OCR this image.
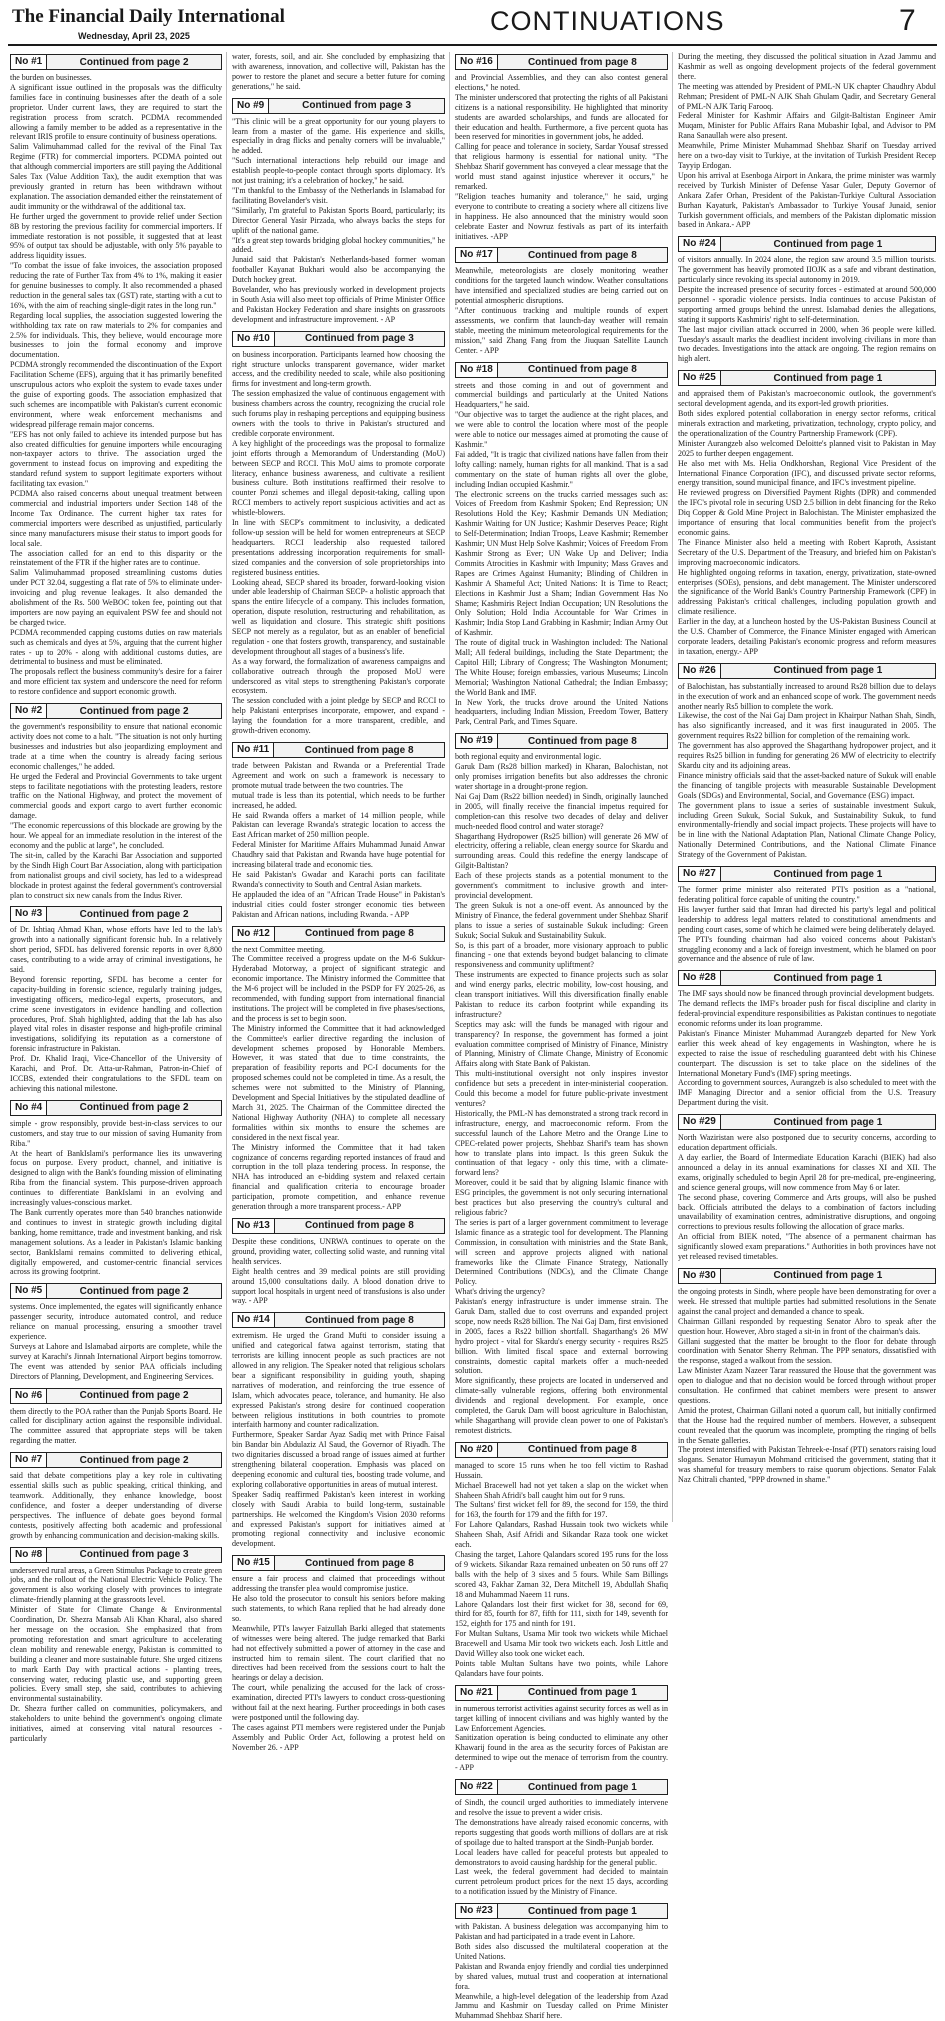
The Financial Daily International
Wednesday, April 23, 2025	CONTINUATIONS	7
No #1	Continued from page 2

the burden on businesses.

A significant issue outlined in the proposals was the difficulty families face in continuing businesses after the death of a sole proprietor. Under current laws, they are required to start the registration process from scratch. PCDMA recommended allowing a family member to be added as a representative in the relevant IRIS profile to ensure continuity of business operations.

Salim Valimuhammad called for the revival of the Final Tax Regime (FTR) for commercial importers. PCDMA pointed out that although commercial importers are still paying the Additional Sales Tax (Value Addition Tax), the audit exemption that was previously granted in return has been withdrawn without explanation. The association demanded either the reinstatement of audit immunity or the withdrawal of the additional tax.

He further urged the government to provide relief under Section 8B by restoring the previous facility for commercial importers. If immediate restoration is not possible, it suggested that at least 95% of output tax should be adjustable, with only 5% payable to address liquidity issues.

"To combat the issue of fake invoices, the association proposed reducing the rate of Further Tax from 4% to 1%, making it easier for genuine businesses to comply. It also recommended a phased reduction in the general sales tax (GST) rate, starting with a cut to 16%, with the aim of reaching single-digit rates in the long run."

Regarding local supplies, the association suggested lowering the withholding tax rate on raw materials to 2% for companies and 2.5% for individuals. This, they believe, would encourage more businesses to join the formal economy and improve documentation.

PCDMA strongly recommended the discontinuation of the Export Facilitation Scheme (EFS), arguing that it has primarily benefited unscrupulous actors who exploit the system to evade taxes under the guise of exporting goods. The association emphasized that such schemes are incompatible with Pakistan's current economic environment, where weak enforcement mechanisms and widespread pilferage remain major concerns.

"EFS has not only failed to achieve its intended purpose but has also created difficulties for genuine importers while encouraging non-taxpayer actors to thrive. The association urged the government to instead focus on improving and expediting the standard refund system to support legitimate exporters without facilitating tax evasion."

PCDMA also raised concerns about unequal treatment between commercial and industrial importers under Section 148 of the Income Tax Ordinance. The current higher tax rates for commercial importers were described as unjustified, particularly since many manufacturers misuse their status to import goods for local sale.

The association called for an end to this disparity or the reinstatement of the FTR if the higher rates are to continue.

Salim Valimuhammad proposed streamlining customs duties under PCT 32.04, suggesting a flat rate of 5% to eliminate under-invoicing and plug revenue leakages. It also demanded the abolishment of the Rs. 500 WeBOC token fee, pointing out that importers are now paying an equivalent PSW fee and should not be charged twice.

PCDMA recommended capping customs duties on raw materials such as chemicals and dyes at 5%, arguing that the current higher rates - up to 20% - along with additional customs duties, are detrimental to business and must be eliminated.

The proposals reflect the business community's desire for a fairer and more efficient tax system and underscore the need for reform to restore confidence and support economic growth.

No #2	Continued from page 2

the government's responsibility to ensure that national economic activity does not come to a halt. "The situation is not only hurting businesses and industries but also jeopardizing employment and trade at a time when the country is already facing serious economic challenges," he added.

He urged the Federal and Provincial Governments to take urgent steps to facilitate negotiations with the protesting leaders, restore traffic on the National Highway, and protect the movement of commercial goods and export cargo to avert further economic damage.

"The economic repercussions of this blockade are growing by the hour. We appeal for an immediate resolution in the interest of the economy and the public at large", he concluded.

The sit-in, called by the Karachi Bar Association and supported by the Sindh High Court Bar Association, along with participation from nationalist groups and civil society, has led to a widespread blockade in protest against the federal government's controversial plan to construct six new canals from the Indus River.

No #3	Continued from page 2

of Dr. Ishtiaq Ahmad Khan, whose efforts have led to the lab's growth into a nationally significant forensic hub. In a relatively short period, SFDL has delivered forensic reports in over 8,800 cases, contributing to a wide array of criminal investigations, he said.

Beyond forensic reporting, SFDL has become a center for capacity-building in forensic science, regularly training judges, investigating officers, medico-legal experts, prosecutors, and crime scene investigators in evidence handling and collection procedures, Prof. Shah highlighted, adding that the lab has also played vital roles in disaster response and high-profile criminal investigations, solidifying its reputation as a cornerstone of forensic infrastructure in Pakistan.

Prof. Dr. Khalid Iraqi, Vice-Chancellor of the University of Karachi, and Prof. Dr. Atta-ur-Rahman, Patron-in-Chief of ICCBS, extended their congratulations to the SFDL team on achieving this national milestone.

No #4	Continued from page 2

simple - grow responsibly, provide best-in-class services to our customers, and stay true to our mission of saving Humanity from Riba."

At the heart of BankIslami's performance lies its unwavering focus on purpose. Every product, channel, and initiative is designed to align with the Bank's founding mission of eliminating Riba from the financial system. This purpose-driven approach continues to differentiate BankIslami in an evolving and increasingly values-conscious market.

The Bank currently operates more than 540 branches nationwide and continues to invest in strategic growth including digital banking, home remittance, trade and investment banking, and risk management solutions. As a leader in Pakistan's Islamic banking sector, BankIslami remains committed to delivering ethical, digitally empowered, and customer-centric financial services across its growing footprint.

No #5	Continued from page 2

systems. Once implemented, the egates will significantly enhance passenger security, introduce automated control, and reduce reliance on manual processing, ensuring a smoother travel experience.

Surveys at Lahore and Islamabad airports are complete, while the survey at Karachi's Jinnah International Airport begins tomorrow. The event was attended by senior PAA officials including Directors of Planning, Development, and Engineering Services.

No #6	Continued from page 2

them directly to the POA rather than the Punjab Sports Board. He called for disciplinary action against the responsible individual. The committee assured that appropriate steps will be taken regarding the matter.

No #7	Continued from page 2

said that debate competitions play a key role in cultivating essential skills such as public speaking, critical thinking, and teamwork. Additionally, they enhance knowledge, boost confidence, and foster a deeper understanding of diverse perspectives. The influence of debate goes beyond formal contests, positively affecting both academic and professional growth by enhancing communication and decision-making skills.

No #8	Continued from page 3

underserved rural areas, a Green Stimulus Package to create green jobs, and the rollout of the National Electric Vehicle Policy. The government is also working closely with provinces to integrate climate-friendly planning at the grassroots level.

Minister of State for Climate Change & Environmental Coordination, Dr. Shezra Mansab Ali Khan Kharal, also shared her message on the occasion. She emphasized that from promoting reforestation and smart agriculture to accelerating clean mobility and renewable energy, Pakistan is committed to building a cleaner and more sustainable future. She urged citizens to mark Earth Day with practical actions - planting trees, conserving water, reducing plastic use, and supporting green policies. Every small step, she said, contributes to achieving environmental sustainability.

Dr. Shezra further called on communities, policymakers, and stakeholders to unite behind the government's ongoing climate initiatives, aimed at conserving vital natural resources - particularly

water, forests, soil, and air. She concluded by emphasizing that with awareness, innovation, and collective will, Pakistan has the power to restore the planet and secure a better future for coming generations," he said.

No #9	Continued from page 3

"This clinic will be a great opportunity for our young players to learn from a master of the game. His experience and skills, especially in drag flicks and penalty corners will be invaluable," he added.

"Such international interactions help rebuild our image and establish people-to-people contact through sports diplomacy. It's not just training; it's a celebration of hockey," he said.

"I'm thankful to the Embassy of the Netherlands in Islamabad for facilitating Bovelander's visit.

"Similarly, I'm grateful to Pakistan Sports Board, particularly; its Director General Yasir Pirzada, who always backs the steps for uplift of the national game.

"It's a great step towards bridging global hockey communities," he added.

Junaid said that Pakistan's Netherlands-based former woman footballer Kayanat Bukhari would also be accompanying the Dutch hockey great.

Bovelander, who has previously worked in development projects in South Asia will also meet top officials of Prime Minister Office and Pakistan Hockey Federation and share insights on grassroots development and infrastructure improvement. - AP

No #10	Continued from page 3

on business incorporation. Participants learned how choosing the right structure unlocks transparent governance, wider market access, and the credibility needed to scale, while also positioning firms for investment and long-term growth.

The session emphasized the value of continuous engagement with business chambers across the country, recognizing the crucial role such forums play in reshaping perceptions and equipping business owners with the tools to thrive in Pakistan's structured and credible corporate environment.

A key highlight of the proceedings was the proposal to formalize joint efforts through a Memorandum of Understanding (MoU) between SECP and RCCI. This MoU aims to promote corporate literacy, enhance business awareness, and cultivate a resilient business culture. Both institutions reaffirmed their resolve to counter Ponzi schemes and illegal deposit-taking, calling upon RCCI members to actively report suspicious activities and act as whistle-blowers.

In line with SECP's commitment to inclusivity, a dedicated follow-up session will be held for women entrepreneurs at SECP headquarters. RCCI leadership also requested tailored presentations addressing incorporation requirements for small-sized companies and the conversion of sole proprietorships into registered business entities.

Looking ahead, SECP shared its broader, forward-looking vision under able leadership of Chairman SECP- a holistic approach that spans the entire lifecycle of a company. This includes formation, operation, dispute resolution, restructuring and rehabilitation, as well as liquidation and closure. This strategic shift positions SECP not merely as a regulator, but as an enabler of beneficial regulation - one that fosters growth, transparency, and sustainable development throughout all stages of a business's life.

As a way forward, the formalization of awareness campaigns and collaborative outreach through the proposed MoU were underscored as vital steps to strengthening Pakistan's corporate ecosystem.

The session concluded with a joint pledge by SECP and RCCI to help Pakistani enterprises incorporate, empower, and expand - laying the foundation for a more transparent, credible, and growth-driven economy.

No #11	Continued from page 8

trade between Pakistan and Rwanda or a Preferential Trade Agreement and work on such a framework is necessary to promote mutual trade between the two countries. The

mutual trade is less than its potential, which needs to be further increased, he added.

He said Rwanda offers a market of 14 million people, while Pakistan can leverage Rwanda's strategic location to access the East African market of 250 million people.

Federal Minister for Maritime Affairs Muhammad Junaid Anwar Chaudhry said that Pakistan and Rwanda have huge potential for increasing bilateral trade and economic ties.

He said Pakistan's Gwadar and Karachi ports can facilitate Rwanda's connectivity to South and Central Asian markets.

He applauded the idea of an "African Trade House" in Pakistan's industrial cities could foster stronger economic ties between Pakistan and African nations, including Rwanda. - APP

No #12	Continued from page 8

the next Committee meeting.

The Committee received a progress update on the M-6 Sukkur-Hyderabad Motorway, a project of significant strategic and economic importance. The Ministry informed the Committee that the M-6 project will be included in the PSDP for FY 2025-26, as recommended, with funding support from international financial institutions. The project will be completed in five phases/sections, and the process is set to begin soon.

The Ministry informed the Committee that it had acknowledged the Committee's earlier directive regarding the inclusion of development schemes proposed by Honorable Members. However, it was stated that due to time constraints, the preparation of feasibility reports and PC-I documents for the proposed schemes could not be completed in time. As a result, the schemes were not submitted to the Ministry of Planning, Development and Special Initiatives by the stipulated deadline of March 31, 2025. The Chairman of the Committee directed the National Highway Authority (NHA) to complete all necessary formalities within six months to ensure the schemes are considered in the next fiscal year.

The Ministry informed the Committee that it had taken cognizance of concerns regarding reported instances of fraud and corruption in the toll plaza tendering process. In response, the NHA has introduced an e-bidding system and relaxed certain financial and qualification criteria to encourage broader participation, promote competition, and enhance revenue generation through a more transparent process.- APP

No #13	Continued from page 8

Despite these conditions, UNRWA continues to operate on the ground, providing water, collecting solid waste, and running vital health services.

Eight health centres and 39 medical points are still providing around 15,000 consultations daily. A blood donation drive to support local hospitals in urgent need of transfusions is also under way. - APP

No #14	Continued from page 8

extremism. He urged the Grand Mufti to consider issuing a unified and categorical fatwa against terrorism, stating that terrorists are killing innocent people as such practices are not allowed in any religion. The Speaker noted that religious scholars bear a significant responsibility in guiding youth, shaping narratives of moderation, and reinforcing the true essence of Islam, which advocates peace, tolerance, and humanity. He also expressed Pakistan's strong desire for continued cooperation between religious institutions in both countries to promote interfaith harmony and counter radicalization.

Furthermore, Speaker Sardar Ayaz Sadiq met with Prince Faisal bin Bandar bin Abdulaziz Al Saud, the Governor of Riyadh. The two dignitaries discussed a broad range of issues aimed at further strengthening bilateral cooperation. Emphasis was placed on deepening economic and cultural ties, boosting trade volume, and exploring collaborative opportunities in areas of mutual interest.

Speaker Sadiq reaffirmed Pakistan's keen interest in working closely with Saudi Arabia to build long-term, sustainable partnerships. He welcomed the Kingdom's Vision 2030 reforms and expressed Pakistan's support for initiatives aimed at promoting regional connectivity and inclusive economic development.

No #15	Continued from page 8

ensure a fair process and claimed that proceedings without addressing the transfer plea would compromise justice.

He also told the prosecutor to consult his seniors before making such statements, to which Rana replied that he had already done so.

Meanwhile, PTI's lawyer Faizullah Barki alleged that statements of witnesses were being altered. The judge remarked that Barki had not effectively submitted a power of attorney in the case and instructed him to remain silent. The court clarified that no directives had been received from the sessions court to halt the hearings or delay a decision.

The court, while penalizing the accused for the lack of cross-examination, directed PTI's lawyers to conduct cross-questioning without fail at the next hearing. Further proceedings in both cases were postponed until the following day.

The cases against PTI members were registered under the Punjab Assembly and Public Order Act, following a protest held on November 26. - APP

No #16	Continued from page 8

and Provincial Assemblies, and they can also contest general elections," he noted.

The minister underscored that protecting the rights of all Pakistani citizens is a national responsibility. He highlighted that minority students are awarded scholarships, and funds are allocated for their education and health. Furthermore, a five percent quota has been reserved for minorities in government jobs, he added.

Calling for peace and tolerance in society, Sardar Yousaf stressed that religious harmony is essential for national unity. "The Shehbaz Sharif government has conveyed a clear message that the world must stand against injustice wherever it occurs," he remarked.

"Religion teaches humanity and tolerance," he said, urging everyone to contribute to creating a society where all citizens live in happiness. He also announced that the ministry would soon celebrate Easter and Nowruz festivals as part of its interfaith initiatives. -APP

No #17	Continued from page 8

Meanwhile, meteorologists are closely monitoring weather conditions for the targeted launch window. Weather consultations have intensified and specialized studies are being carried out on potential atmospheric disruptions.

"After continuous tracking and multiple rounds of expert assessments, we confirm that launch-day weather will remain stable, meeting the minimum meteorological requirements for the mission," said Zhang Fang from the Jiuquan Satellite Launch Center. - APP

No #18	Continued from page 8

streets and those coming in and out of government and commercial buildings and particularly at the United Nations Headquarters," he said.

"Our objective was to target the audience at the right places, and we were able to control the location where most of the people were able to notice our messages aimed at promoting the cause of Kashmir."

Fai added, "It is tragic that civilized nations have fallen from their lofty calling: namely, human rights for all mankind. That is a sad commentary on the state of human rights all over the globe, including Indian occupied Kashmir."

The electronic screens on the trucks carried messages such as: Voices of Freedom from Kashmir Spoken; End Repression; UN Resolutions Hold the Key; Kashmir Demands UN Mediation; Kashmir Waiting for UN Justice; Kashmir Deserves Peace; Right to Self-Determination; Indian Troops, Leave Kashmir; Remember Kashmir; UN Must Help Solve Kashmir; Voices of Freedom From Kashmir Strong as Ever; UN Wake Up and Deliver; India Commits Atrocities in Kashmir with Impunity; Mass Graves and Rapes are Crimes Against Humanity; Blinding of Children in Kashmir A Shameful Act; United Nations: It is Time to React; Elections in Kashmir Just a Sham; Indian Government Has No Shame; Kashmiris Reject Indian Occupation; UN Resolutions the Only Solution; Hold India Accountable for War Crimes in Kashmir; India Stop Land Grabbing in Kashmir; Indian Army Out of Kashmir.

The route of digital truck in Washington included: The National Mall; All federal buildings, including the State Department; the Capitol Hill; Library of Congress; The Washington Monument; The White House; foreign embassies, various Museums; Lincoln Memorial; Washington National Cathedral; the Indian Embassy; the World Bank and IMF.

In New York, the trucks drove around the United Nations headquarters, including Indian Mission, Freedom Tower, Battery Park, Central Park, and Times Square.

No #19	Continued from page 8

both regional equity and environmental logic.

Garuk Dam (Rs28 billion marked) in Kharan, Balochistan, not only promises irrigation benefits but also addresses the chronic water shortage in a drought-prone region.

Nai Gaj Dam (Rs22 billion needed) in Sindh, originally launched in 2005, will finally receive the financial impetus required for completion-can this resolve two decades of delay and deliver much-needed flood control and water storage?

Shagarthang Hydropower (Rs25 billion) will generate 26 MW of electricity, offering a reliable, clean energy source for Skardu and surrounding areas. Could this redefine the energy landscape of Gilgit-Baltistan?

Each of these projects stands as a potential monument to the government's commitment to inclusive growth and inter-provincial development.

The green Sukuk is not a one-off event. As announced by the Ministry of Finance, the federal government under Shehbaz Sharif plans to issue a series of sustainable Sukuk including: Green Sukuk; Social Sukuk and Sustainability Sukuk.

So, is this part of a broader, more visionary approach to public financing - one that extends beyond budget balancing to climate responsiveness and community upliftment?

These instruments are expected to finance projects such as solar and wind energy parks, electric mobility, low-cost housing, and clean transport initiatives. Will this diversification finally enable Pakistan to reduce its carbon footprint while expanding its infrastructure?

Sceptics may ask: will the funds be managed with rigour and transparency? In response, the government has formed a joint evaluation committee comprised of Ministry of Finance, Ministry of Planning, Ministry of Climate Change, Ministry of Economic Affairs along with State Bank of Pakistan.

This multi-institutional oversight not only inspires investor confidence but sets a precedent in inter-ministerial cooperation. Could this become a model for future public-private investment ventures?

Historically, the PML-N has demonstrated a strong track record in infrastructure, energy, and macroeconomic reform. From the successful launch of the Lahore Metro and the Orange Line to CPEC-related power projects, Shehbaz Sharif's team has shown how to translate plans into impact. Is this green Sukuk the continuation of that legacy - only this time, with a climate-forward lens?

Moreover, could it be said that by aligning Islamic finance with ESG principles, the government is not only securing international best practices but also preserving the country's cultural and religious fabric?

The series is part of a larger government commitment to leverage Islamic finance as a strategic tool for development. The Planning Commission, in consultation with ministries and the State Bank, will screen and approve projects aligned with national frameworks like the Climate Finance Strategy, Nationally Determined Contributions (NDCs), and the Climate Change Policy.

What's driving the urgency?

Pakistan's energy infrastructure is under immense strain. The Garuk Dam, stalled due to cost overruns and expanded project scope, now needs Rs28 billion. The Nai Gaj Dam, first envisioned in 2005, faces a Rs22 billion shortfall. Shagarthang's 26 MW hydro project - vital for Skardu's energy security - requires Rs25 billion. With limited fiscal space and external borrowing constraints, domestic capital markets offer a much-needed solution.

More significantly, these projects are located in underserved and climate-sally vulnerable regions, offering both environmental dividends and regional development. For example, once completed, the Garuk Dam will boost agriculture in Balochistan, while Shagarthang will provide clean power to one of Pakistan's remotest districts.

No #20	Continued from page 8

managed to score 15 runs when he too fell victim to Rashad Hussain.

Michael Bracewell had not yet taken a slap on the wicket when Shaheen Shah Afridi's ball caught him out for 9 runs.

The Sultans' first wicket fell for 89, the second for 159, the third for 163, the fourth for 179 and the fifth for 197.

For Lahore Qalandars, Rashad Hussain took two wickets while Shaheen Shah, Asif Afridi and Sikandar Raza took one wicket each.

Chasing the target, Lahore Qalandars scored 195 runs for the loss of 9 wickets. Sikandar Raza remained unbeaten on 50 runs off 27 balls with the help of 3 sixes and 5 fours. While Sam Billings scored 43, Fakhar Zaman 32, Dera Mitchell 19, Abdullah Shafiq 18 and Muhammad Naeem 11 runs.

Lahore Qalandars lost their first wicket for 38, second for 69, third for 85, fourth for 87, fifth for 111, sixth for 149, seventh for 152, eighth for 175 and ninth for 191.

For Multan Sultans, Usama Mir took two wickets while Michael Bracewell and Usama Mir took two wickets each. Josh Little and David Willey also took one wicket each.

Points table Multan Sultans have two points, while Lahore Qalandars have four points.

No #21	Continued from page 1

in numerous terrorist activities against security forces as well as in target killing of innocent civilians and was highly wanted by the Law Enforcement Agencies.

Sanitization operation is being conducted to eliminate any other Khawarij found in the area as the security forces of Pakistan are determined to wipe out the menace of terrorism from the country. - APP

No #22	Continued from page 1

of Sindh, the council urged authorities to immediately intervene and resolve the issue to prevent a wider crisis.

The demonstrations have already raised economic concerns, with reports suggesting that goods worth millions of dollars are at risk of spoilage due to halted transport at the Sindh-Punjab border.

Local leaders have called for peaceful protests but appealed to demonstrators to avoid causing hardship for the general public.

Last week, the federal government had decided to maintain current petroleum product prices for the next 15 days, according to a notification issued by the Ministry of Finance.

No #23	Continued from page 1

with Pakistan. A business delegation was accompanying him to Pakistan and had participated in a trade event in Lahore.

Both sides also discussed the multilateral cooperation at the United Nations.

Pakistan and Rwanda enjoy friendly and cordial ties underpinned by shared values, mutual trust and cooperation at international fora.

Meanwhile, a high-level delegation of the leadership from Azad Jammu and Kashmir on Tuesday called on Prime Minister Muhammad Shehbaz Sharif here.

During the meeting, they discussed the political situation in Azad Jammu and Kashmir as well as ongoing development projects of the federal government there.

The meeting was attended by President of PML-N UK chapter Chaudhry Abdul Rehman; President of PML-N AJK Shah Ghulam Qadir, and Secretary General of PML-N AJK Tariq Farooq.

Federal Minister for Kashmir Affairs and Gilgit-Baltistan Engineer Amir Muqam, Minister for Public Affairs Rana Mubashir Iqbal, and Advisor to PM Rana Sanaullah were also present.

Meanwhile, Prime Minister Muhammad Shehbaz Sharif on Tuesday arrived here on a two-day visit to Turkiye, at the invitation of Turkish President Recep Tayyip Erdogan.

Upon his arrival at Esenboga Airport in Ankara, the prime minister was warmly received by Turkish Minister of Defense Yasar Guler, Deputy Governor of Ankara Zafer Orhan, President of the Pakistan-Turkiye Cultural Association Burhan Kayaturk, Pakistan's Ambassador to Turkiye Yousaf Junaid, senior Turkish government officials, and members of the Pakistan diplomatic mission based in Ankara.- APP

No #24	Continued from page 1

of visitors annually. In 2024 alone, the region saw around 3.5 million tourists. The government has heavily promoted IIOJK as a safe and vibrant destination, particularly since revoking its special autonomy in 2019.

Despite the increased presence of security forces - estimated at around 500,000 personnel - sporadic violence persists. India continues to accuse Pakistan of supporting armed groups behind the unrest. Islamabad denies the allegations, stating it supports Kashmiris' right to self-determination.

The last major civilian attack occurred in 2000, when 36 people were killed. Tuesday's assault marks the deadliest incident involving civilians in more than two decades. Investigations into the attack are ongoing. The region remains on high alert.

No #25	Continued from page 1

and appraised them of Pakistan's macroeconomic outlook, the government's sectoral development agenda, and its export-led growth priorities.

Both sides explored potential collaboration in energy sector reforms, critical minerals extraction and marketing, privatization, technology, crypto policy, and the operationalization of the Country Partnership Framework (CPF).

Minister Aurangzeb also welcomed Deloitte's planned visit to Pakistan in May 2025 to further deepen engagement.

He also met with Ms. Helia Ondkhorshan, Regional Vice President of the International Finance Corporation (IFC), and discussed private sector reforms, energy transition, sound municipal finance, and IFC's investment pipeline.

He reviewed progress on Diversified Payment Rights (DPR) and commended the IFC's pivotal role in securing USD 2.5 billion in debt financing for the Reko Diq Copper & Gold Mine Project in Balochistan. The Minister emphasized the importance of ensuring that local communities benefit from the project's economic gains.

The Finance Minister also held a meeting with Robert Kaproth, Assistant Secretary of the U.S. Department of the Treasury, and briefed him on Pakistan's improving macroeconomic indicators.

He highlighted ongoing reforms in taxation, energy, privatization, state-owned enterprises (SOEs), pensions, and debt management. The Minister underscored the significance of the World Bank's Country Partnership Framework (CPF) in addressing Pakistan's critical challenges, including population growth and climate resilience.

Earlier in the day, at a luncheon hosted by the US-Pakistan Business Council at the U.S. Chamber of Commerce, the Finance Minister engaged with American corporate leaders, detailing Pakistan's economic progress and reform measures in taxation, energy.- APP

No #26	Continued from page 1

of Balochistan, has substantially increased to around Rs28 billion due to delays in the execution of work and an enhanced scope of work. The government needs another nearly Rs5 billion to complete the work.

Likewise, the cost of the Nai Gaj Dam project in Khairpur Nathan Shah, Sindh, has also significantly increased, and it was first inaugurated in 2005. The government requires Rs22 billion for completion of the remaining work.

The government has also approved the Shagarthang hydropower project, and it requires Rs25 billion in funding for generating 26 MW of electricity to electrify Skardu city and its adjoining areas.

Finance ministry officials said that the asset-backed nature of Sukuk will enable the financing of tangible projects with measurable Sustainable Development Goals (SDGs) and Environmental, Social, and Governance (ESG) impact.

The government plans to issue a series of sustainable investment Sukuk, including Green Sukuk, Social Sukuk, and Sustainability Sukuk, to fund environmentally-friendly and social impact projects. These projects will have to be in line with the National Adaptation Plan, National Climate Change Policy, Nationally Determined Contributions, and the National Climate Finance Strategy of the Government of Pakistan.

No #27	Continued from page 1

The former prime minister also reiterated PTI's position as a "national, federating political force capable of uniting the country."

His lawyer further said that Imran had directed his party's legal and political leadership to address legal matters related to constitutional amendments and pending court cases, some of which he claimed were being deliberately delayed.

The PTI's founding chairman had also voiced concerns about Pakistan's struggling economy and a lack of foreign investment, which he blamed on poor governance and the absence of rule of law.

No #28	Continued from page 1

The IMF says should now be financed through provincial development budgets.

The demand reflects the IMF's broader push for fiscal discipline and clarity in federal-provincial expenditure responsibilities as Pakistan continues to negotiate economic reforms under its loan programme.

Pakistan's Finance Minister Muhammad Aurangzeb departed for New York earlier this week ahead of key engagements in Washington, where he is expected to raise the issue of rescheduling guaranteed debt with his Chinese counterpart. The discussion is set to take place on the sidelines of the International Monetary Fund's (IMF) spring meetings.

According to government sources, Aurangzeb is also scheduled to meet with the IMF Managing Director and a senior official from the U.S. Treasury Department during the visit.

No #29	Continued from page 1

North Waziristan were also postponed due to security concerns, according to education department officials.

A day earlier, the Board of Intermediate Education Karachi (BIEK) had also announced a delay in its annual examinations for classes XI and XII. The exams, originally scheduled to begin April 28 for pre-medical, pre-engineering, and science general groups, will now commence from May 6 or later.

The second phase, covering Commerce and Arts groups, will also be pushed back. Officials attributed the delays to a combination of factors including unavailability of examination centres, administrative disruptions, and ongoing corrections to previous results following the allocation of grace marks.

An official from BIEK noted, "The absence of a permanent chairman has significantly slowed exam preparations." Authorities in both provinces have not yet released revised timetables.

No #30	Continued from page 1

the ongoing protests in Sindh, where people have been demonstrating for over a week. He stressed that multiple parties had submitted resolutions in the Senate against the canal project and demanded a chance to speak.

Chairman Gillani responded by requesting Senator Abro to speak after the question hour. However, Abro staged a sit-in in front of the chairman's dais.

Gillani suggested that the matter be brought to the floor for debate through coordination with Senator Sherry Rehman. The PPP senators, dissatisfied with the response, staged a walkout from the session.

Law Minister Azam Nazeer Tarar reassured the House that the government was open to dialogue and that no decision would be forced through without proper consultation. He confirmed that cabinet members were present to answer questions.

Amid the protest, Chairman Gillani noted a quorum call, but initially confirmed that the House had the required number of members. However, a subsequent count revealed that the quorum was incomplete, prompting the ringing of bells in the Senate galleries.

The protest intensified with Pakistan Tehreek-e-Insaf (PTI) senators raising loud slogans. Senator Humayun Mohmand criticised the government, stating that it was shameful for treasury members to raise quorum objections. Senator Falak Naz Chitrali chanted, "PPP drowned in shame."
